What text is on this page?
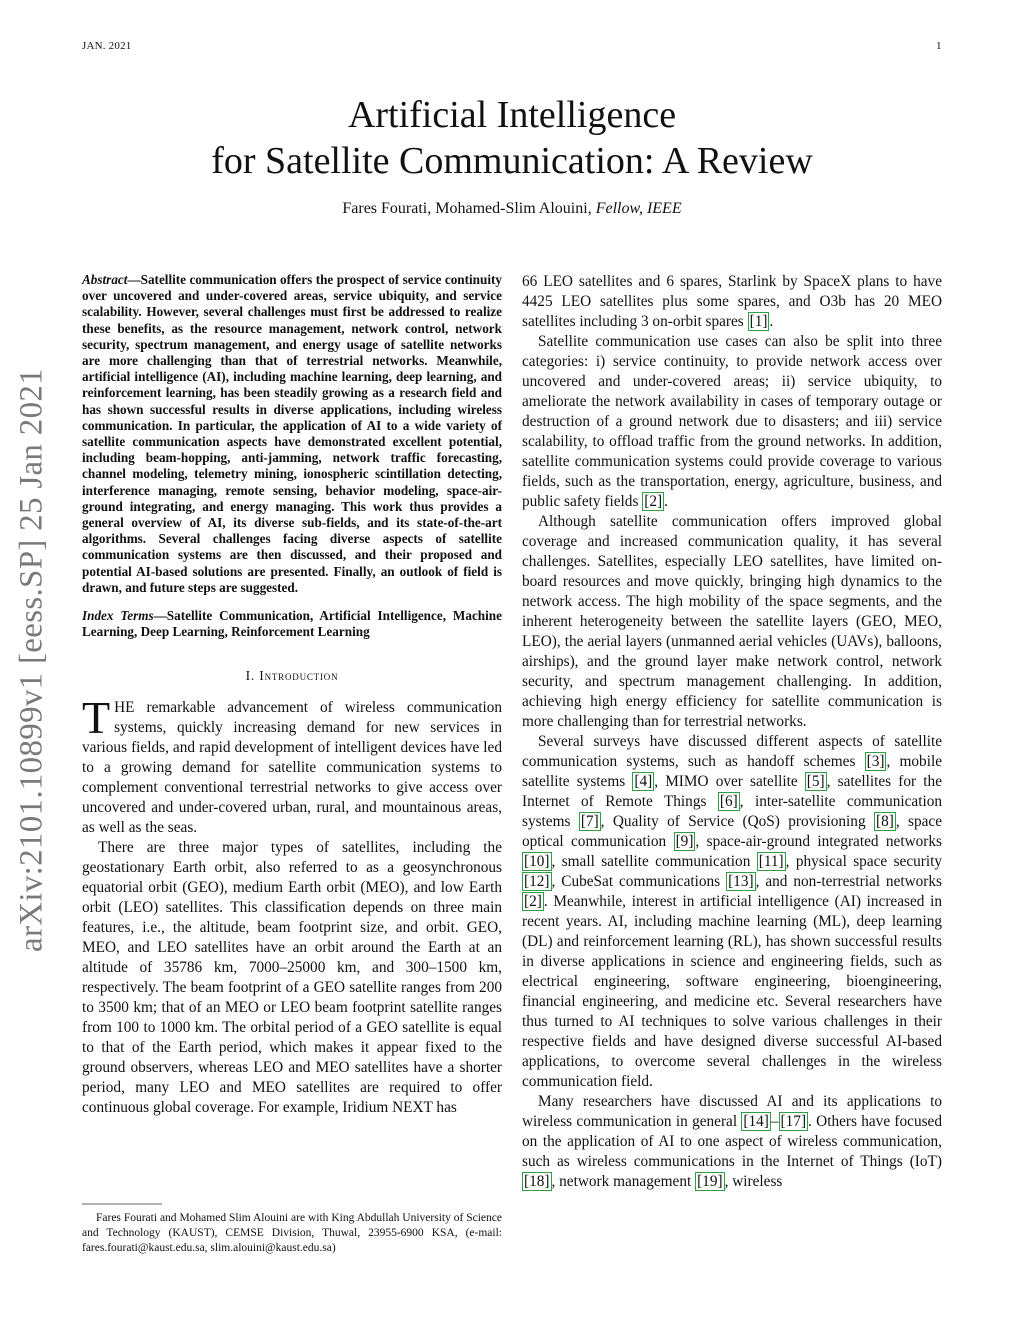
JAN. 2021	1
arXiv:2101.10899v1 [eess.SP] 25 Jan 2021
Artificial Intelligence
for Satellite Communication: A Review
Fares Fourati, Mohamed-Slim Alouini, Fellow, IEEE

Abstract—Satellite communication offers the prospect of service continuity over uncovered and under-covered areas, service ubiquity, and service scalability. However, several challenges must first be addressed to realize these benefits, as the resource management, network control, network security, spectrum management, and energy usage of satellite networks are more challenging than that of terrestrial networks. Meanwhile, artificial intelligence (AI), including machine learning, deep learning, and reinforcement learning, has been steadily growing as a research field and has shown successful results in diverse applications, including wireless communication. In particular, the application of AI to a wide variety of satellite communication aspects have demonstrated excellent potential, including beam-hopping, anti-jamming, network traffic forecasting, channel modeling, telemetry mining, ionospheric scintillation detecting, interference managing, remote sensing, behavior modeling, space-air-ground integrating, and energy managing. This work thus provides a general overview of AI, its diverse sub-fields, and its state-of-the-art algorithms. Several challenges facing diverse aspects of satellite communication systems are then discussed, and their proposed and potential AI-based solutions are presented. Finally, an outlook of field is drawn, and future steps are suggested.

Index Terms—Satellite Communication, Artificial Intelligence, Machine Learning, Deep Learning, Reinforcement Learning

I. Introduction

THE remarkable advancement of wireless communication systems, quickly increasing demand for new services in various fields, and rapid development of intelligent devices have led to a growing demand for satellite communication systems to complement conventional terrestrial networks to give access over uncovered and under-covered urban, rural, and mountainous areas, as well as the seas.

There are three major types of satellites, including the geostationary Earth orbit, also referred to as a geosynchronous equatorial orbit (GEO), medium Earth orbit (MEO), and low Earth orbit (LEO) satellites. This classification depends on three main features, i.e., the altitude, beam footprint size, and orbit. GEO, MEO, and LEO satellites have an orbit around the Earth at an altitude of 35786 km, 7000–25000 km, and 300–1500 km, respectively. The beam footprint of a GEO satellite ranges from 200 to 3500 km; that of an MEO or LEO beam footprint satellite ranges from 100 to 1000 km. The orbital period of a GEO satellite is equal to that of the Earth period, which makes it appear fixed to the ground observers, whereas LEO and MEO satellites have a shorter period, many LEO and MEO satellites are required to offer continuous global coverage. For example, Iridium NEXT has

Fares Fourati and Mohamed Slim Alouini are with King Abdullah University of Science and Technology (KAUST), CEMSE Division, Thuwal, 23955-6900 KSA, (e-mail: fares.fourati@kaust.edu.sa, slim.alouini@kaust.edu.sa)

66 LEO satellites and 6 spares, Starlink by SpaceX plans to have 4425 LEO satellites plus some spares, and O3b has 20 MEO satellites including 3 on-orbit spares [1] .

Satellite communication use cases can also be split into three categories: i) service continuity, to provide network access over uncovered and under-covered areas; ii) service ubiquity, to ameliorate the network availability in cases of temporary outage or destruction of a ground network due to disasters; and iii) service scalability, to offload traffic from the ground networks. In addition, satellite communication systems could provide coverage to various fields, such as the transportation, energy, agriculture, business, and public safety fields [2] .

Although satellite communication offers improved global coverage and increased communication quality, it has several challenges. Satellites, especially LEO satellites, have limited on-board resources and move quickly, bringing high dynamics to the network access. The high mobility of the space segments, and the inherent heterogeneity between the satellite layers (GEO, MEO, LEO), the aerial layers (unmanned aerial vehicles (UAVs), balloons, airships), and the ground layer make network control, network security, and spectrum management challenging. In addition, achieving high energy efficiency for satellite communication is more challenging than for terrestrial networks.

Several surveys have discussed different aspects of satellite communication systems, such as handoff schemes [3] , mobile satellite systems [4] , MIMO over satellite [5] , satellites for the Internet of Remote Things [6] , inter-satellite communication systems [7] , Quality of Service (QoS) provisioning [8] , space optical communication [9] , space-air-ground integrated networks [10] , small satellite communication [11] , physical space security [12] , CubeSat communications [13] , and non-terrestrial networks [2] . Meanwhile, interest in artificial intelligence (AI) increased in recent years. AI, including machine learning (ML), deep learning (DL) and reinforcement learning (RL), has shown successful results in diverse applications in science and engineering fields, such as electrical engineering, software engineering, bioengineering, financial engineering, and medicine etc. Several researchers have thus turned to AI techniques to solve various challenges in their respective fields and have designed diverse successful AI-based applications, to overcome several challenges in the wireless communication field.

Many researchers have discussed AI and its applications to wireless communication in general [14] – [17] . Others have focused on the application of AI to one aspect of wireless communication, such as wireless communications in the Internet of Things (IoT) [18] , network management [19] , wireless
